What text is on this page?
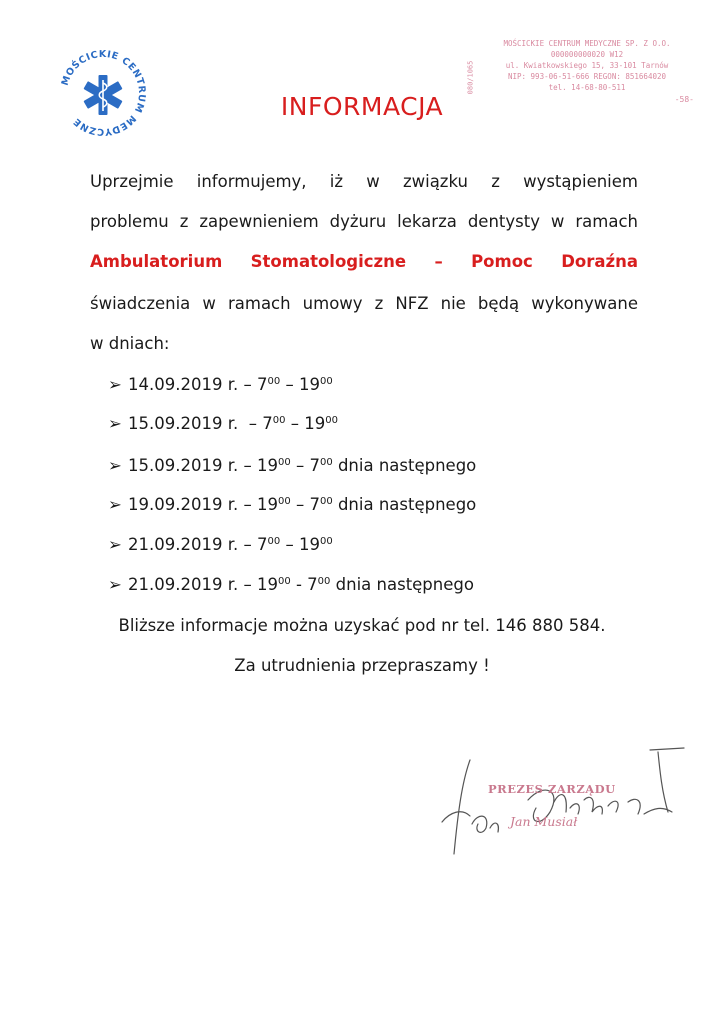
MOŚCICKIE CENTRUM MEDYCZNE
080/1065
MOŚCICKIE CENTRUM MEDYCZNE SP. Z O.O.
000000000020 W12
ul. Kwiatkowskiego 15, 33-101 Tarnów
NIP: 993-06-51-666 REGON: 851664020
tel. 14-68-80-511
-58-
INFORMACJA
Uprzejmie informujemy, iż w związku z wystąpieniem
problemu z zapewnieniem dyżuru lekarza dentysty w ramach
Ambulatorium Stomatologiczne – Pomoc Doraźna
świadczenia w ramach umowy z NFZ nie będą wykonywane
w dniach:
➢ 14.09.2019 r. – $7^{00} - 19^{00}$
➢ 15.09.2019 r.  – $7^{00} - 19^{00}$
➢ 15.09.2019 r. – $19^{00} - 7^{00}$ dnia następnego
➢ 19.09.2019 r. – $19^{00} - 7^{00}$ dnia następnego
➢ 21.09.2019 r. – $7^{00} - 19^{00}$
➢ 21.09.2019 r. – $19^{00} - 7^{00}$ dnia następnego
Bliższe informacje można uzyskać pod nr tel. 146 880 584.
Za utrudnienia przepraszamy !
PREZES ZARZĄDU
Jan Musiał
